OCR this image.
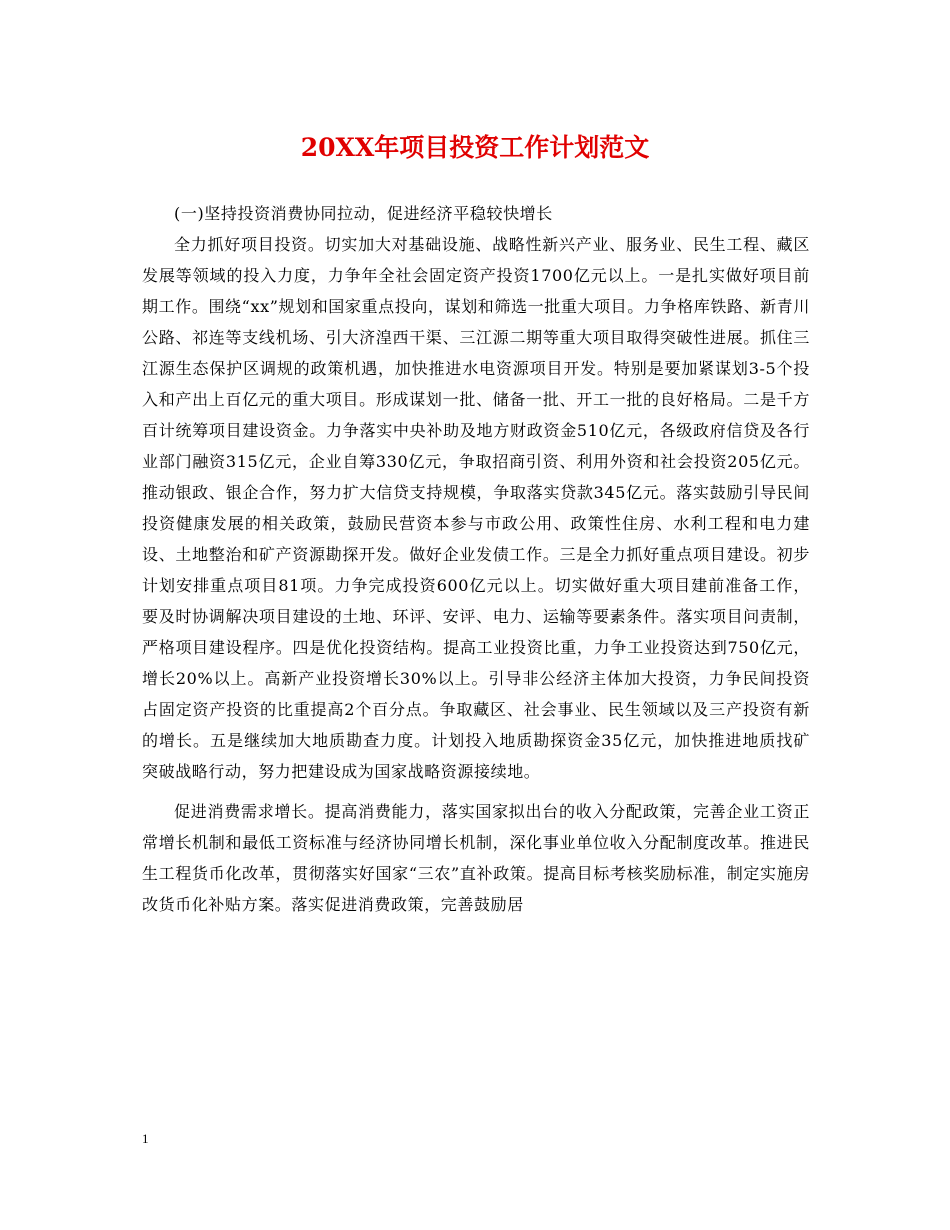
20XX年项目投资工作计划范文

(一)坚持投资消费协同拉动，促进经济平稳较快增长

全力抓好项目投资。切实加大对基础设施、战略性新兴产业、服务业、民生工程、藏区发展等领域的投入力度，力争年全社会固定资产投资1700亿元以上。一是扎实做好项目前期工作。围绕“xx”规划和国家重点投向，谋划和筛选一批重大项目。力争格库铁路、新青川公路、祁连等支线机场、引大济湟西干渠、三江源二期等重大项目取得突破性进展。抓住三江源生态保护区调规的政策机遇，加快推进水电资源项目开发。特别是要加紧谋划3-5个投入和产出上百亿元的重大项目。形成谋划一批、储备一批、开工一批的良好格局。二是千方百计统筹项目建设资金。力争落实中央补助及地方财政资金510亿元，各级政府信贷及各行业部门融资315亿元，企业自筹330亿元，争取招商引资、利用外资和社会投资205亿元。推动银政、银企合作，努力扩大信贷支持规模，争取落实贷款345亿元。落实鼓励引导民间投资健康发展的相关政策，鼓励民营资本参与市政公用、政策性住房、水利工程和电力建设、土地整治和矿产资源勘探开发。做好企业发债工作。三是全力抓好重点项目建设。初步计划安排重点项目81项。力争完成投资600亿元以上。切实做好重大项目建前准备工作，要及时协调解决项目建设的土地、环评、安评、电力、运输等要素条件。落实项目问责制，严格项目建设程序。四是优化投资结构。提高工业投资比重，力争工业投资达到750亿元，增长20%以上。高新产业投资增长30%以上。引导非公经济主体加大投资，力争民间投资占固定资产投资的比重提高2个百分点。争取藏区、社会事业、民生领域以及三产投资有新的增长。五是继续加大地质勘查力度。计划投入地质勘探资金35亿元，加快推进地质找矿突破战略行动，努力把建设成为国家战略资源接续地。

促进消费需求增长。提高消费能力，落实国家拟出台的收入分配政策，完善企业工资正常增长机制和最低工资标准与经济协同增长机制，深化事业单位收入分配制度改革。推进民生工程货币化改革，贯彻落实好国家“三农”直补政策。提高目标考核奖励标准，制定实施房改货币化补贴方案。落实促进消费政策，完善鼓励居

1
